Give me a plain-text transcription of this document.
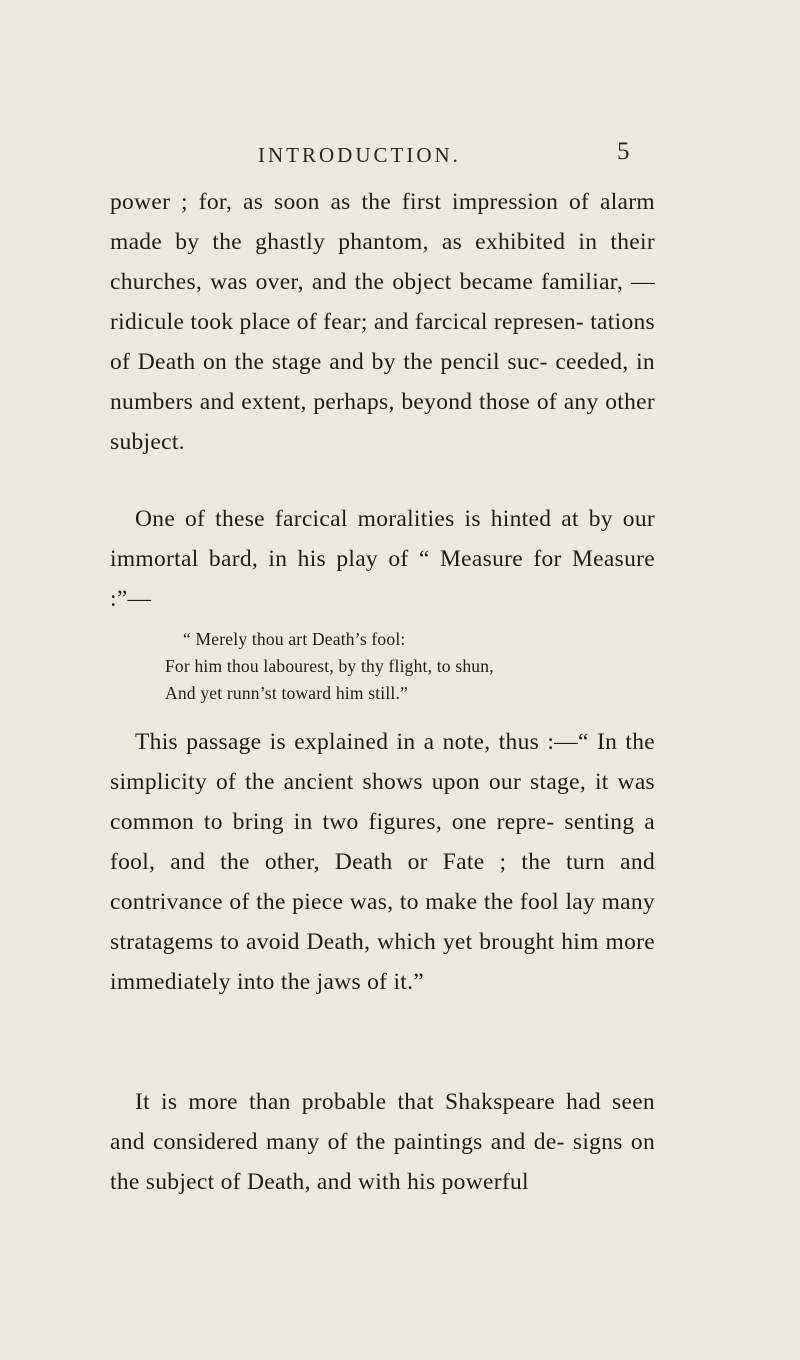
INTRODUCTION.	5

power ; for, as soon as the first impression of alarm made by the ghastly phantom, as exhibited in their churches, was over, and the object became familiar, —ridicule took place of fear; and farcical represen- tations of Death on the stage and by the pencil suc- ceeded, in numbers and extent, perhaps, beyond those of any other subject.

One of these farcical moralities is hinted at by our immortal bard, in his play of “ Measure for Measure :”—

“ Merely thou art Death’s fool:
For him thou labourest, by thy flight, to shun,
And yet runn’st toward him still.”

This passage is explained in a note, thus :—“ In the simplicity of the ancient shows upon our stage, it was common to bring in two figures, one repre- senting a fool, and the other, Death or Fate ; the turn and contrivance of the piece was, to make the fool lay many stratagems to avoid Death, which yet brought him more immediately into the jaws of it.”

It is more than probable that Shakspeare had seen and considered many of the paintings and de- signs on the subject of Death, and with his powerful
